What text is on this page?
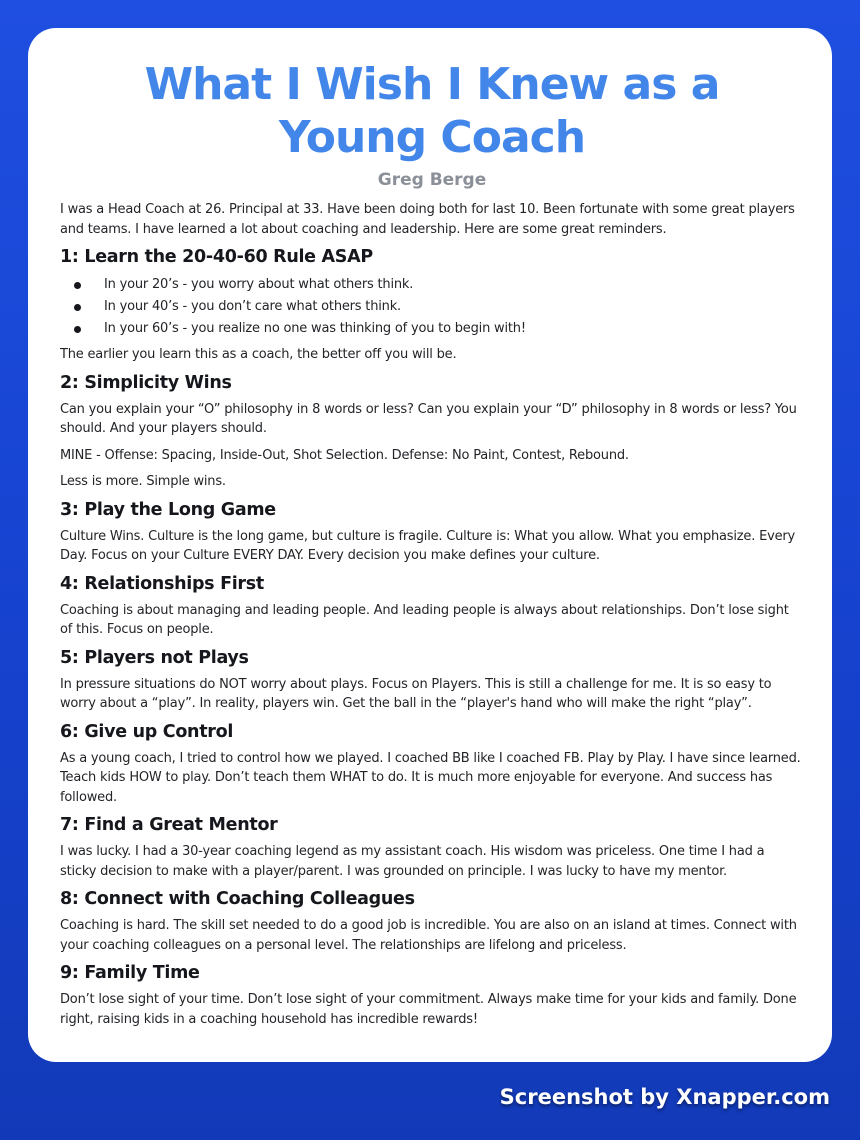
What I Wish I Knew as a Young Coach
Greg Berge

I was a Head Coach at 26. Principal at 33. Have been doing both for last 10. Been fortunate with some great players and teams. I have learned a lot about coaching and leadership. Here are some great reminders.

1: Learn the 20-40-60 Rule ASAP
In your 20’s - you worry about what others think.
In your 40’s - you don’t care what others think.
In your 60’s - you realize no one was thinking of you to begin with!

The earlier you learn this as a coach, the better off you will be.

2: Simplicity Wins

Can you explain your “O” philosophy in 8 words or less? Can you explain your “D” philosophy in 8 words or less? You should. And your players should.

MINE - Offense: Spacing, Inside-Out, Shot Selection. Defense: No Paint, Contest, Rebound.

Less is more. Simple wins.

3: Play the Long Game

Culture Wins. Culture is the long game, but culture is fragile. Culture is: What you allow. What you emphasize. Every Day. Focus on your Culture EVERY DAY. Every decision you make defines your culture.

4: Relationships First

Coaching is about managing and leading people. And leading people is always about relationships. Don’t lose sight of this. Focus on people.

5: Players not Plays

In pressure situations do NOT worry about plays. Focus on Players. This is still a challenge for me. It is so easy to worry about a “play”. In reality, players win. Get the ball in the “player's hand who will make the right “play”.

6: Give up Control

As a young coach, I tried to control how we played. I coached BB like I coached FB. Play by Play. I have since learned. Teach kids HOW to play. Don’t teach them WHAT to do. It is much more enjoyable for everyone. And success has followed.

7: Find a Great Mentor

I was lucky. I had a 30-year coaching legend as my assistant coach. His wisdom was priceless. One time I had a sticky decision to make with a player/parent. I was grounded on principle. I was lucky to have my mentor.

8: Connect with Coaching Colleagues

Coaching is hard. The skill set needed to do a good job is incredible. You are also on an island at times. Connect with your coaching colleagues on a personal level. The relationships are lifelong and priceless.

9: Family Time

Don’t lose sight of your time. Don’t lose sight of your commitment. Always make time for your kids and family. Done right, raising kids in a coaching household has incredible rewards!

Screenshot by Xnapper.com
